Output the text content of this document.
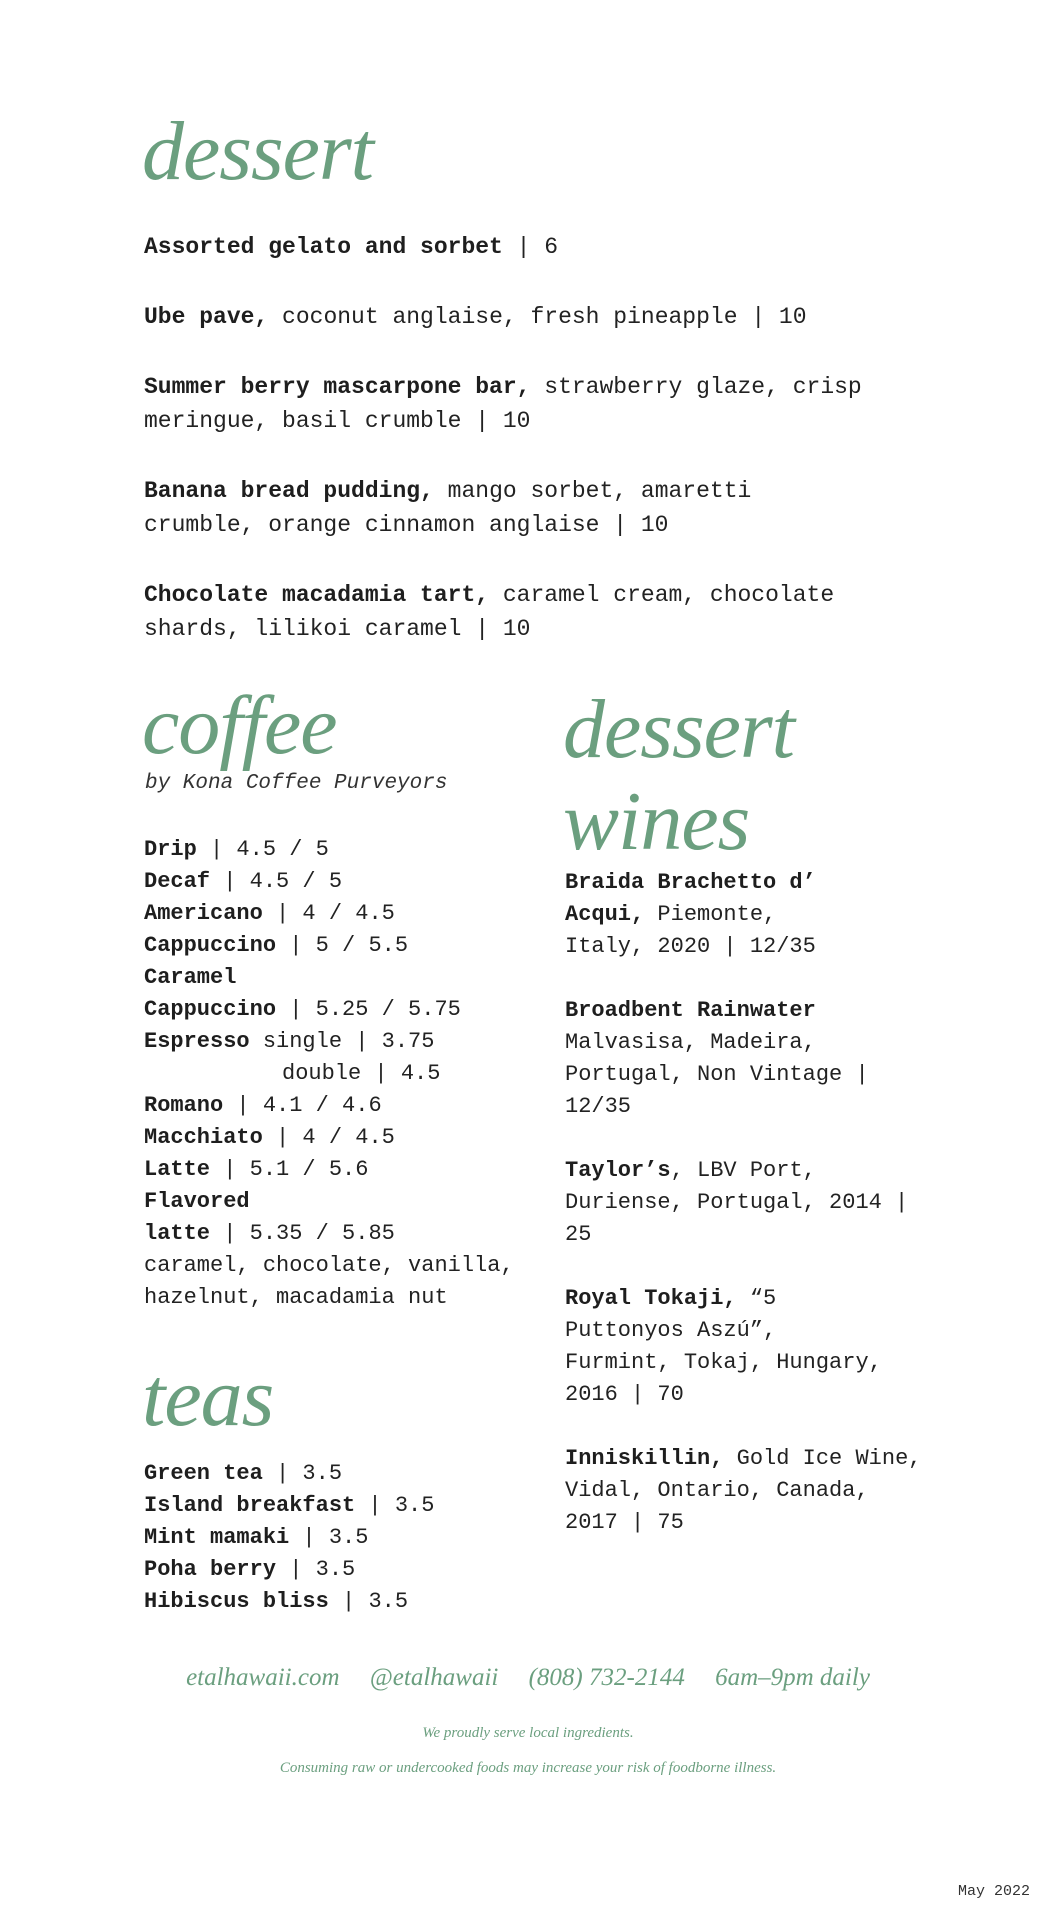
dessert

Assorted gelato and sorbet | 6

Ube pave, coconut anglaise, fresh pineapple | 10

Summer berry mascarpone bar, strawberry glaze, crisp meringue, basil crumble | 10

Banana bread pudding, mango sorbet, amaretti crumble, orange cinnamon anglaise | 10

Chocolate macadamia tart, caramel cream, chocolate shards, lilikoi caramel | 10

coffee
by Kona Coffee Purveyors
Drip | 4.5 / 5
Decaf | 4.5 / 5
Americano | 4 / 4.5
Cappuccino | 5 / 5.5
Caramel
Cappuccino | 5.25 / 5.75
Espresso single | 3.75
double | 4.5
Romano | 4.1 / 4.6
Macchiato | 4 / 4.5
Latte | 5.1 / 5.6
Flavored
latte | 5.35 / 5.85
caramel, chocolate, vanilla, hazelnut, macadamia nut
teas
Green tea | 3.5
Island breakfast | 3.5
Mint mamaki | 3.5
Poha berry | 3.5
Hibiscus bliss | 3.5
dessert
wines

Braida Brachetto d’ Acqui, Piemonte, Italy, 2020 | 12/35

Broadbent Rainwater Malvasisa, Madeira, Portugal, Non Vintage | 12/35

Taylor’s, LBV Port, Duriense, Portugal, 2014 | 25

Royal Tokaji, “5 Puttonyos Aszú”, Furmint, Tokaj, Hungary, 2016 | 70

Inniskillin, Gold Ice Wine, Vidal, Ontario, Canada, 2017 | 75

etalhawaii.com @etalhawaii (808) 732-2144 6am–9pm daily
We proudly serve local ingredients.
Consuming raw or undercooked foods may increase your risk of foodborne illness.
May 2022
